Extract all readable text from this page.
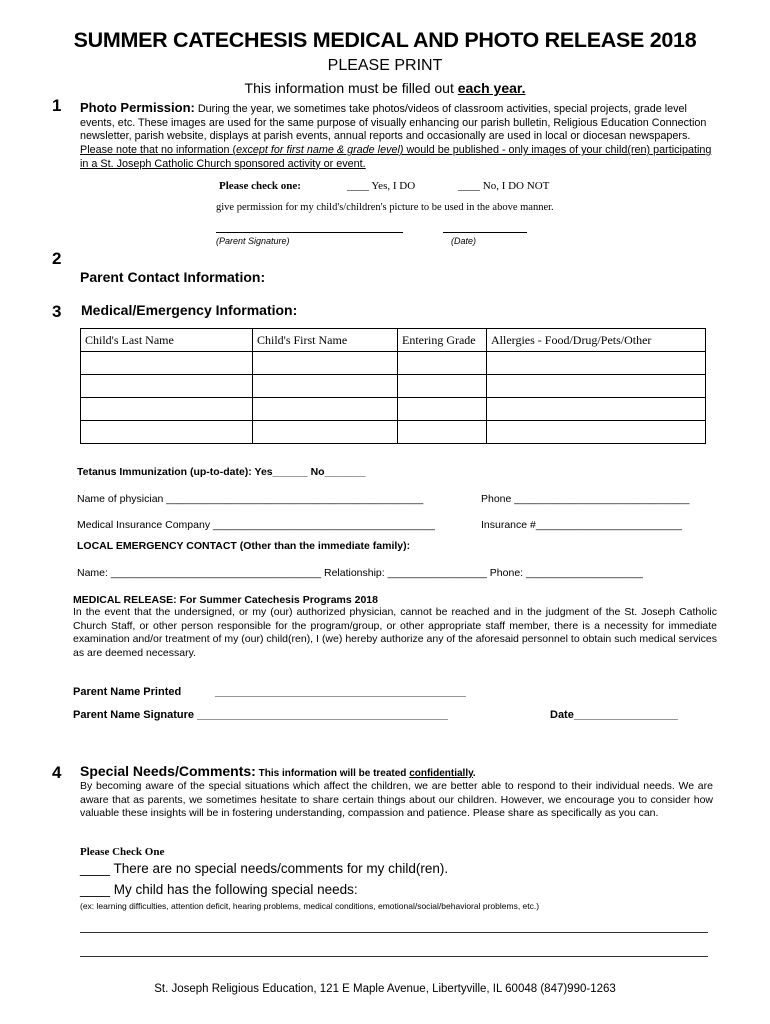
SUMMER CATECHESIS MEDICAL AND PHOTO RELEASE 2018
PLEASE PRINT
This information must be filled out each year.
1 Photo Permission: During the year, we sometimes take photos/videos of classroom activities, special projects, grade level events, etc. These images are used for the same purpose of visually enhancing our parish bulletin, Religious Education Connection newsletter, parish website, displays at parish events, annual reports and occasionally are used in local or diocesan newspapers. Please note that no information (except for first name & grade level) would be published - only images of your child(ren) participating in a St. Joseph Catholic Church sponsored activity or event.
Please check one:	____ Yes, I DO	____ No, I DO NOT
give permission for my child's/children's picture to be used in the above manner.
(Parent Signature)	(Date)
2
Parent Contact Information:
3 Medical/Emergency Information:
Child's Last Name	Child's First Name	Entering Grade	Allergies - Food/Drug/Pets/Other

Tetanus Immunization (up-to-date): Yes______ No_______
Name of physician ____________________________________________	Phone ______________________________
Medical Insurance Company ______________________________________	Insurance #_________________________
LOCAL EMERGENCY CONTACT (Other than the immediate family):
Name: ____________________________________ Relationship: _________________ Phone: ____________________
MEDICAL RELEASE: For Summer Catechesis Programs 2018
In the event that the undersigned, or my (our) authorized physician, cannot be reached and in the judgment of the St. Joseph Catholic Church Staff, or other person responsible for the program/group, or other appropriate staff member, there is a necessity for immediate examination and/or treatment of my (our) child(ren), I (we) hereby authorize any of the aforesaid personnel to obtain such medical services as are deemed necessary.
Parent Name Printed	_________________________________________
Parent Name Signature _________________________________________	Date_________________
4 Special Needs/Comments: This information will be treated confidentially.
By becoming aware of the special situations which affect the children, we are better able to respond to their individual needs. We are aware that as parents, we sometimes hesitate to share certain things about our children. However, we encourage you to consider how valuable these insights will be in fostering understanding, compassion and patience. Please share as specifically as you can.
Please Check One
____ There are no special needs/comments for my child(ren).
____ My child has the following special needs:
(ex: learning difficulties, attention deficit, hearing problems, medical conditions, emotional/social/behavioral problems, etc.)
St. Joseph Religious Education, 121 E Maple Avenue, Libertyville, IL 60048 (847)990-1263
